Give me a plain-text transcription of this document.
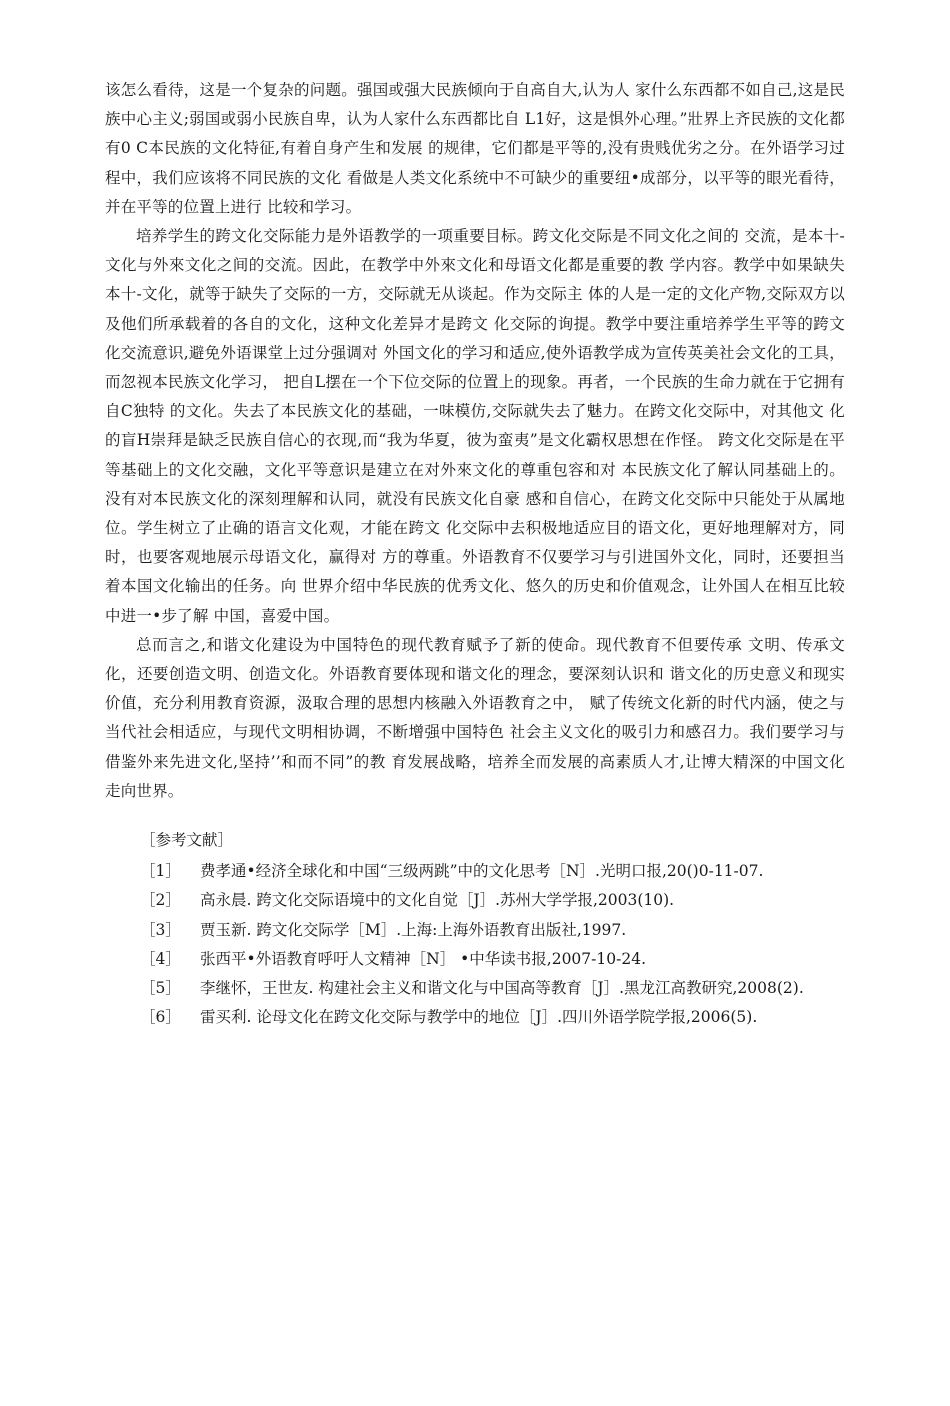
该怎么看待，这是一个复杂的问题。强国或强大民族倾向于自高自大,认为人 家什么东西都不如自己,这是民族中心主义;弱国或弱小民族自卑，认为人家什么东西都比自 L1好，这是惧外心理。”壯界上齐民族的文化都有0 C本民族的文化特征,有着自身产生和发展 的规律，它们都是平等的,没有贵贱优劣之分。在外语学习过程中，我们应该将不同民族的文化 看做是人类文化系统中不可缺少的重要纽•成部分，以平等的眼光看待，并在平等的位置上进行 比较和学习。

培养学生的跨文化交际能力是外语教学的一项重要目标。跨文化交际是不同文化之间的 交流，是本十-文化与外來文化之间的交流。因此，在教学中外來文化和母语文化都是重要的教 学内容。教学中如果缺失本十-文化，就等于缺失了交际的一方，交际就无从谈起。作为交际主 体的人是一定的文化产物,交际双方以及他们所承载着的各自的文化，这种文化差异才是跨文 化交际的询提。教学中要注重培养学生平等的跨文化交流意识,避免外语课堂上过分强调对 外国文化的学习和适应,使外语教学成为宣传英美社会文化的工具，而忽视本民族文化学习， 把自L摆在一个下位交际的位置上的现象。再者，一个民族的生命力就在于它拥有自C独特 的文化。失去了本民族文化的基础，一味模仿,交际就失去了魅力。在跨文化交际中，对其他文 化的盲H崇拜是缺乏民族自信心的衣现,而“我为华夏，彼为蛮夷”是文化霸权思想在作怪。 跨文化交际是在平等基础上的文化交融，文化平等意识是建立在对外來文化的尊重包容和对 本民族文化了解认同基础上的。没有对本民族文化的深刻理解和认同，就没有民族文化自豪 感和自信心，在跨文化交际中只能处于从属地位。学生树立了止确的语言文化观，才能在跨文 化交际中去积极地适应目的语文化，更好地理解对方，同时，也要客观地展示母语文化，赢得对 方的尊重。外语教育不仅要学习与引进国外文化，同时，还要担当着本国文化输出的任务。向 世界介绍中华民族的优秀文化、悠久的历史和价值观念，让外国人在相互比较中进一•步了解 中国，喜爱中国。

总而言之,和谐文化建设为中国特色的现代教育赋予了新的使命。现代教育不但要传承 文明、传承文化，还要创造文明、创造文化。外语教育要体现和谐文化的理念，要深刻认识和 谐文化的历史意义和现实价值，充分利用教育资源，汲取合理的思想内核融入外语教育之中， 赋了传统文化新的时代内涵，使之与当代社会相适应，与现代文明相协调，不断增强中国特色 社会主义文化的吸引力和感召力。我们要学习与借鉴外来先进文化,坚持’’和而不同”的教 育发展战略，培养全而发展的高素质人才,让博大精深的中国文化走向世界。

［参考文献］
［1］	费孝通•经济全球化和中国“三级两跳”中的文化思考［N］.光明口报,20()0-11-07.
［2］	高永晨. 跨文化交际语境中的文化自觉［J］.苏州大学学报,2003(10).
［3］	贾玉新. 跨文化交际学［M］.上海:上海外语教育出版社,1997.
［4］	张西平•外语教育呼吁人文精神［N］ •中华读书报,2007-10-24.
［5］	李继怀，王世友. 构建社会主义和谐文化与中国高等教育［J］.黑龙江高教研究,2008(2).
［6］	雷买利. 论母文化在跨文化交际与教学中的地位［J］.四川外语学院学报,2006(5).
